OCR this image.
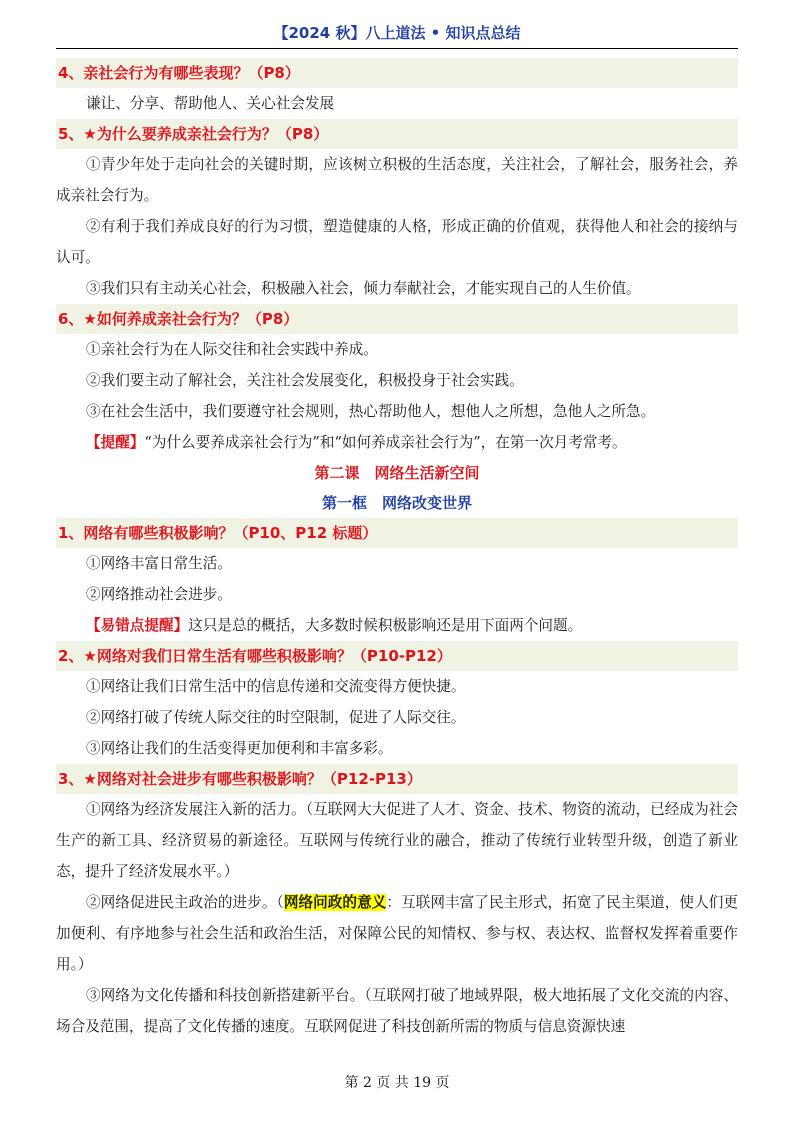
【2024 秋】八上道法 • 知识点总结
4、亲社会行为有哪些表现？（P8）

谦让、分享、帮助他人、关心社会发展

5、★为什么要养成亲社会行为？（P8）

①青少年处于走向社会的关键时期，应该树立积极的生活态度，关注社会，了解社会，服务社会，养成亲社会行为。

②有利于我们养成良好的行为习惯，塑造健康的人格，形成正确的价值观，获得他人和社会的接纳与认可。

③我们只有主动关心社会，积极融入社会，倾力奉献社会，才能实现自己的人生价值。

6、★如何养成亲社会行为？（P8）

①亲社会行为在人际交往和社会实践中养成。

②我们要主动了解社会，关注社会发展变化，积极投身于社会实践。

③在社会生活中，我们要遵守社会规则，热心帮助他人，想他人之所想，急他人之所急。

【提醒】“为什么要养成亲社会行为”和“如何养成亲社会行为”，在第一次月考常考。

第二课　网络生活新空间

第一框　网络改变世界

1、网络有哪些积极影响？（P10、P12 标题）

①网络丰富日常生活。

②网络推动社会进步。

【易错点提醒】这只是总的概括，大多数时候积极影响还是用下面两个问题。

2、★网络对我们日常生活有哪些积极影响？（P10-P12）

①网络让我们日常生活中的信息传递和交流变得方便快捷。

②网络打破了传统人际交往的时空限制，促进了人际交往。

③网络让我们的生活变得更加便利和丰富多彩。

3、★网络对社会进步有哪些积极影响？（P12-P13）

①网络为经济发展注入新的活力。（互联网大大促进了人才、资金、技术、物资的流动，已经成为社会生产的新工具、经济贸易的新途径。互联网与传统行业的融合，推动了传统行业转型升级，创造了新业态，提升了经济发展水平。）

②网络促进民主政治的进步。（网络问政的意义：互联网丰富了民主形式，拓宽了民主渠道，使人们更加便利、有序地参与社会生活和政治生活，对保障公民的知情权、参与权、表达权、监督权发挥着重要作用。）

③网络为文化传播和科技创新搭建新平台。（互联网打破了地域界限，极大地拓展了文化交流的内容、场合及范围，提高了文化传播的速度。互联网促进了科技创新所需的物质与信息资源快速

第 2 页 共 19 页
